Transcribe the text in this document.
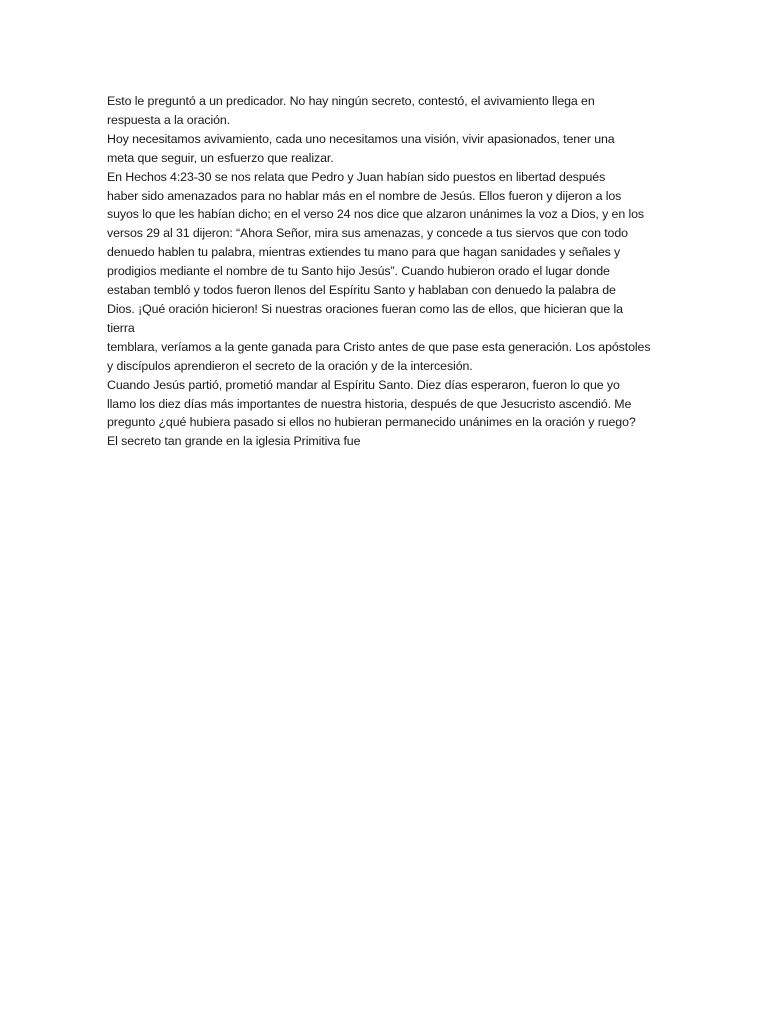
Esto le preguntó a un predicador. No hay ningún secreto, contestó, el avivamiento llega en
respuesta a la oración.
Hoy necesitamos avivamiento, cada uno necesitamos una visión, vivir apasionados, tener una
meta que seguir, un esfuerzo que realizar.
En Hechos 4:23-30 se nos relata que Pedro y Juan habían sido puestos en libertad después
haber sido amenazados para no hablar más en el nombre de Jesús. Ellos fueron y dijeron a los
suyos lo que les habían dicho; en el verso 24 nos dice que alzaron unánimes la voz a Dios, y en los
versos 29 al 31 dijeron: “Ahora Señor, mira sus amenazas, y concede a tus siervos que con todo
denuedo hablen tu palabra, mientras extiendes tu mano para que hagan sanidades y señales y
prodigios mediante el nombre de tu Santo hijo Jesús”. Cuando hubieron orado el lugar donde
estaban tembló y todos fueron llenos del Espíritu Santo y hablaban con denuedo la palabra de
Dios. ¡Qué oración hicieron! Si nuestras oraciones fueran como las de ellos, que hicieran que la
tierra
temblara, veríamos a la gente ganada para Cristo antes de que pase esta generación. Los apóstoles
y discípulos aprendieron el secreto de la oración y de la intercesión.
Cuando Jesús partió, prometió mandar al Espíritu Santo. Diez días esperaron, fueron lo que yo
llamo los diez días más importantes de nuestra historia, después de que Jesucristo ascendió. Me
pregunto ¿qué hubiera pasado si ellos no hubieran permanecido unánimes en la oración y ruego?
El secreto tan grande en la iglesia Primitiva fue
